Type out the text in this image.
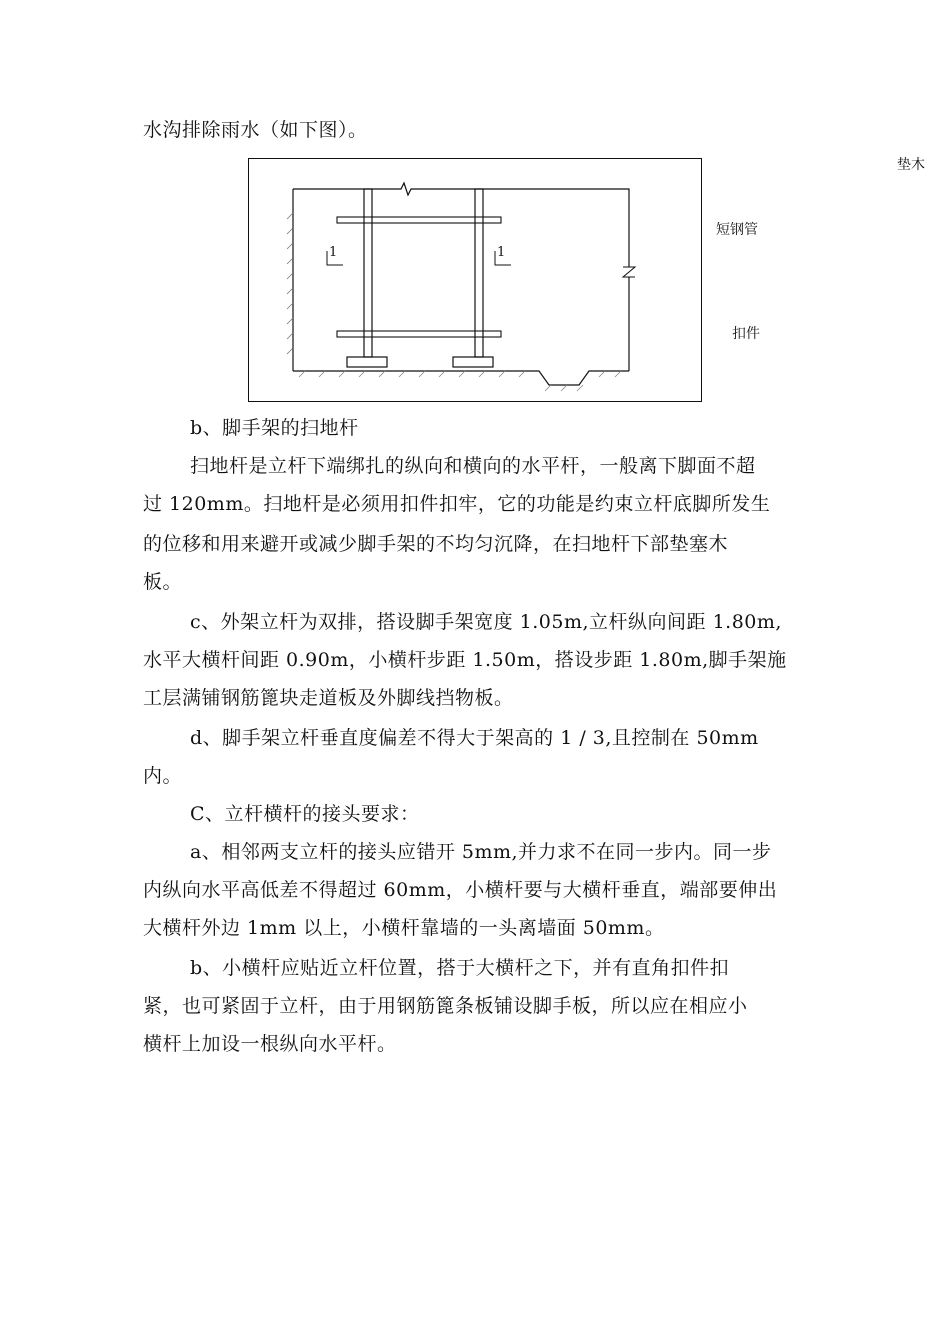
水沟排除雨水（如下图）。
垫木
1	1
短钢管
扣件
b、脚手架的扫地杆
扫地杆是立杆下端绑扎的纵向和横向的水平杆，一般离下脚面不超
过 120mm。扫地杆是必须用扣件扣牢，它的功能是约束立杆底脚所发生
的位移和用来避开或减少脚手架的不均匀沉降，在扫地杆下部垫塞木
板。
c、外架立杆为双排，搭设脚手架宽度 1.05m,立杆纵向间距 1.80m,
水平大横杆间距 0.90m，小横杆步距 1.50m，搭设步距 1.80m,脚手架施
工层满铺钢筋篦块走道板及外脚线挡物板。
d、脚手架立杆垂直度偏差不得大于架高的 1 / 3,且控制在 50mm
内。
C、立杆横杆的接头要求：
a、相邻两支立杆的接头应错开 5mm,并力求不在同一步内。同一步
内纵向水平高低差不得超过 60mm，小横杆要与大横杆垂直，端部要伸出
大横杆外边 1mm 以上，小横杆靠墙的一头离墙面 50mm。
b、小横杆应贴近立杆位置，搭于大横杆之下，并有直角扣件扣
紧，也可紧固于立杆，由于用钢筋篦条板铺设脚手板，所以应在相应小
横杆上加设一根纵向水平杆。
